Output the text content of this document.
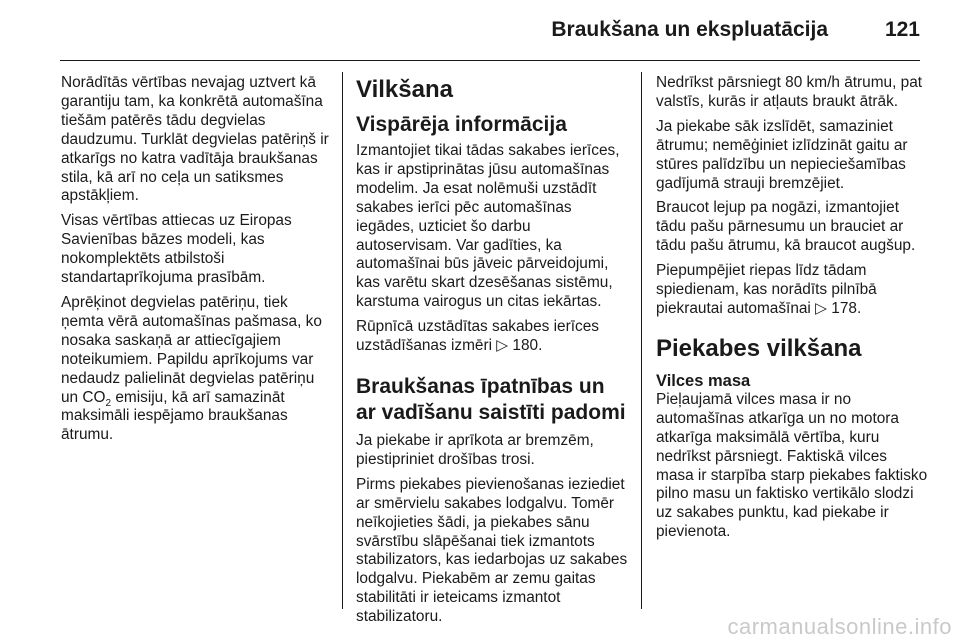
Braukšana un ekspluatācija	121

Norādītās vērtības nevajag uztvert kā garantiju tam, ka konkrētā automašīna tiešām patērēs tādu degvielas daudzumu. Turklāt degvielas patēriņš ir atkarīgs no katra vadītāja braukšanas stila, kā arī no ceļa un satiksmes apstākļiem.

Visas vērtības attiecas uz Eiropas Savienības bāzes modeli, kas nokomplektēts atbilstoši standartaprīkojuma prasībām.

Aprēķinot degvielas patēriņu, tiek ņemta vērā automašīnas pašmasa, ko nosaka saskaņā ar attiecīgajiem noteikumiem. Papildu aprīkojums var nedaudz palielināt degvielas patēriņu un $CO_2$ emisiju, kā arī samazināt maksimāli iespējamo braukšanas ātrumu.

Vilkšana
Vispārēja informācija

Izmantojiet tikai tādas sakabes ierīces, kas ir apstiprinātas jūsu automašīnas modelim. Ja esat nolēmuši uzstādīt sakabes ierīci pēc automašīnas iegādes, uzticiet šo darbu autoservisam. Var gadīties, ka automašīnai būs jāveic pārveidojumi, kas varētu skart dzesēšanas sistēmu, karstuma vairogus un citas iekārtas.

Rūpnīcā uzstādītas sakabes ierīces uzstādīšanas izmēri ▷ 180.

Braukšanas īpatnības un ar vadīšanu saistīti padomi

Ja piekabe ir aprīkota ar bremzēm, piestipriniet drošības trosi.

Pirms piekabes pievienošanas ieziediet ar smērvielu sakabes lodgalvu. Tomēr neīkojieties šādi, ja piekabes sānu svārstību slāpēšanai tiek izmantots stabilizators, kas iedarbojas uz sakabes lodgalvu. Piekabēm ar zemu gaitas stabilitāti ir ieteicams izmantot stabilizatoru.

Nedrīkst pārsniegt 80 km/h ātrumu, pat valstīs, kurās ir atļauts braukt ātrāk.

Ja piekabe sāk izslīdēt, samaziniet ātrumu; nemēģiniet izlīdzināt gaitu ar stūres palīdzību un nepieciešamības gadījumā strauji bremzējiet.

Braucot lejup pa nogāzi, izmantojiet tādu pašu pārnesumu un brauciet ar tādu pašu ātrumu, kā braucot augšup.

Piepumpējiet riepas līdz tādam spiedienam, kas norādīts pilnībā piekrautai automašīnai ▷ 178.

Piekabes vilkšana
Vilces masa

Pieļaujamā vilces masa ir no automašīnas atkarīga un no motora atkarīga maksimālā vērtība, kuru nedrīkst pārsniegt. Faktiskā vilces masa ir starpība starp piekabes faktisko pilno masu un faktisko vertikālo slodzi uz sakabes punktu, kad piekabe ir pievienota.

carmanualsonline.info
